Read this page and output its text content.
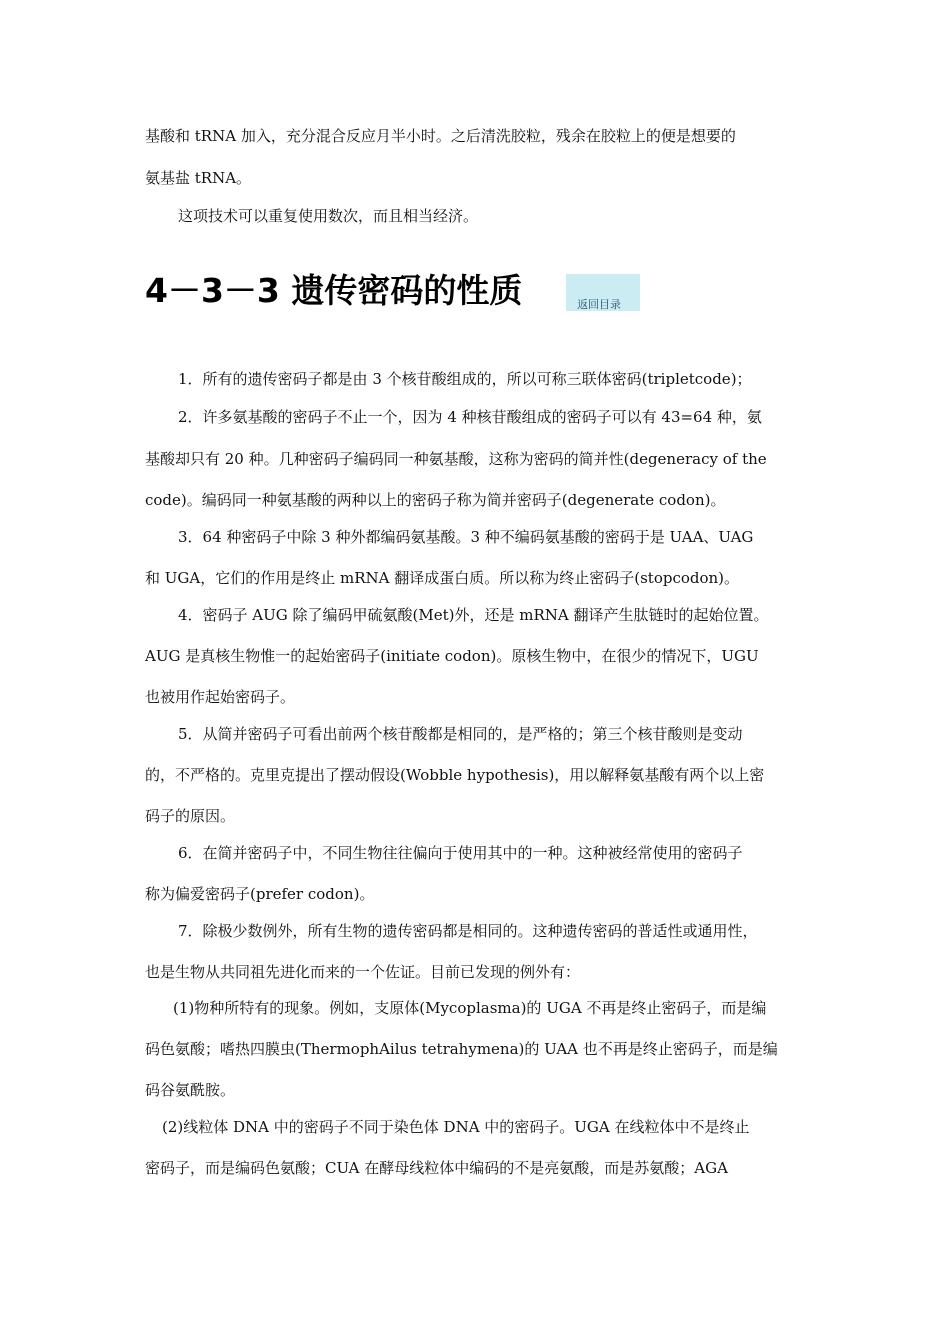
基酸和 tRNA 加入，充分混合反应月半小时。之后清洗胶粒，残余在胶粒上的便是想要的
氨基盐 tRNA。
这项技术可以重复使用数次，而且相当经济。
4－3－3 遗传密码的性质	返回目录
1．所有的遗传密码子都是由 3 个核苷酸组成的，所以可称三联体密码(tripletcode)；
2．许多氨基酸的密码子不止一个，因为 4 种核苷酸组成的密码子可以有 43=64 种，氨
基酸却只有 20 种。几种密码子编码同一种氨基酸，这称为密码的简并性(degeneracy of the
code)。编码同一种氨基酸的两种以上的密码子称为简并密码子(degenerate codon)。
3．64 种密码子中除 3 种外都编码氨基酸。3 种不编码氨基酸的密码于是 UAA、UAG
和 UGA，它们的作用是终止 mRNA 翻译成蛋白质。所以称为终止密码子(stopcodon)。
4．密码子 AUG 除了编码甲硫氨酸(Met)外，还是 mRNA 翻译产生肽链时的起始位置。
AUG 是真核生物惟一的起始密码子(initiate codon)。原核生物中，在很少的情况下，UGU
也被用作起始密码子。
5．从简并密码子可看出前两个核苷酸都是相同的，是严格的；第三个核苷酸则是变动
的，不严格的。克里克提出了摆动假设(Wobble hypothesis)，用以解释氨基酸有两个以上密
码子的原因。
6．在简并密码子中，不同生物往往偏向于使用其中的一种。这种被经常使用的密码子
称为偏爱密码子(prefer codon)。
7．除极少数例外，所有生物的遗传密码都是相同的。这种遗传密码的普适性或通用性，
也是生物从共同祖先进化而来的一个佐证。目前已发现的例外有：
(1)物种所特有的现象。例如，支原体(Mycoplasma)的 UGA 不再是终止密码子，而是编
码色氨酸；嗜热四膜虫(ThermophAilus tetrahymena)的 UAA 也不再是终止密码子，而是编
码谷氨酰胺。
(2)线粒体 DNA 中的密码子不同于染色体 DNA 中的密码子。UGA 在线粒体中不是终止
密码子，而是编码色氨酸；CUA 在酵母线粒体中编码的不是亮氨酸，而是苏氨酸；AGA
